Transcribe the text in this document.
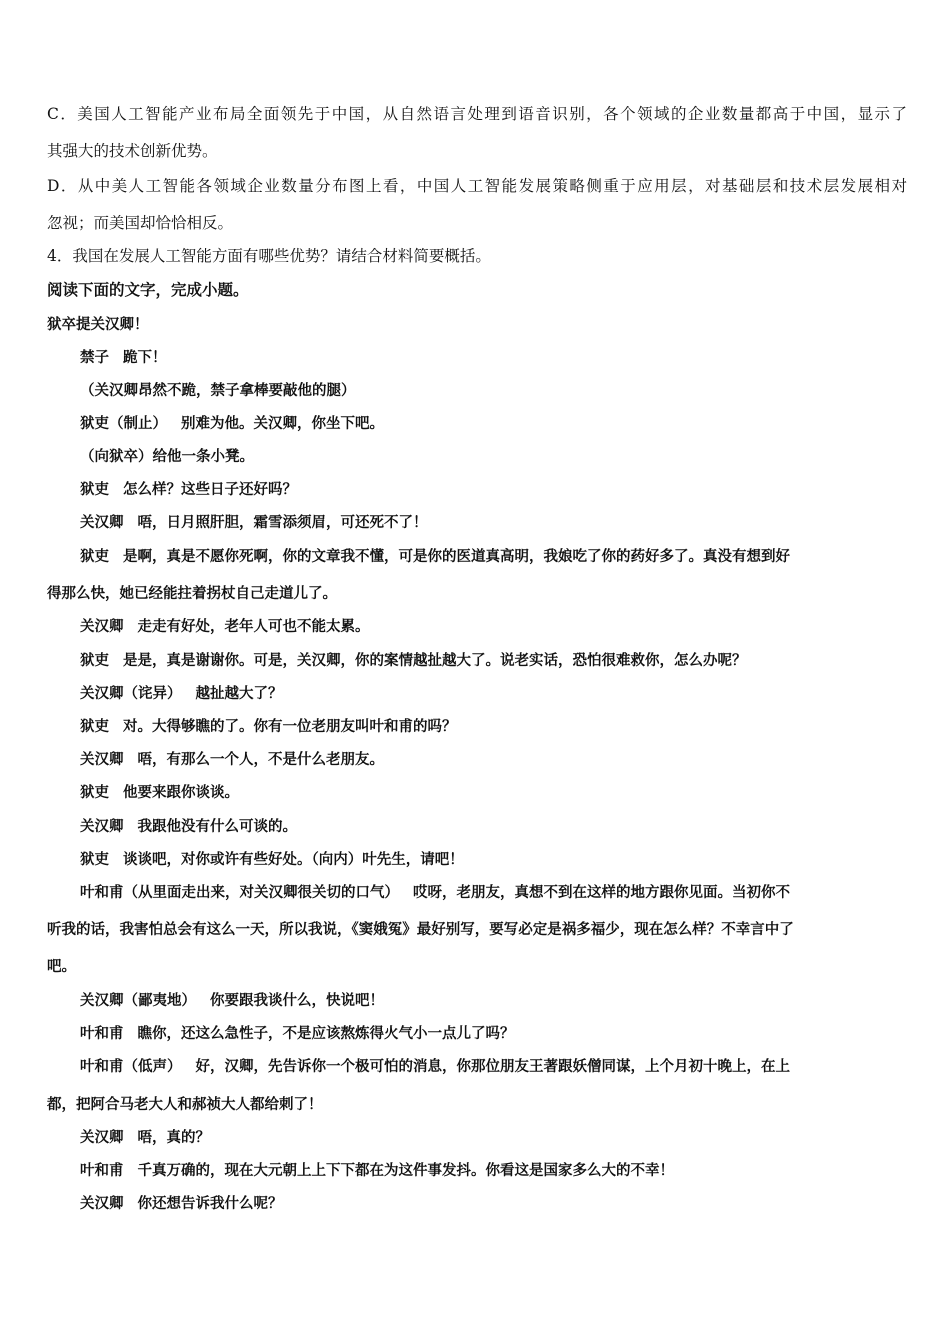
C．美国人工智能产业布局全面领先于中国，从自然语言处理到语音识别，各个领域的企业数量都高于中国，显示了

其强大的技术创新优势。

D．从中美人工智能各领域企业数量分布图上看，中国人工智能发展策略侧重于应用层，对基础层和技术层发展相对

忽视；而美国却恰恰相反。

4．我国在发展人工智能方面有哪些优势？请结合材料简要概括。

阅读下面的文字，完成小题。

狱卒提关汉卿！

禁子 跪下！

（关汉卿昂然不跪，禁子拿棒要敲他的腿）

狱吏（制止） 别难为他。关汉卿，你坐下吧。

（向狱卒）给他一条小凳。

狱吏 怎么样？这些日子还好吗？

关汉卿 唔，日月照肝胆，霜雪添须眉，可还死不了！

狱吏 是啊，真是不愿你死啊，你的文章我不懂，可是你的医道真高明，我娘吃了你的药好多了。真没有想到好

得那么快，她已经能拄着拐杖自己走道儿了。

关汉卿 走走有好处，老年人可也不能太累。

狱吏 是是，真是谢谢你。可是，关汉卿，你的案情越扯越大了。说老实话，恐怕很难救你，怎么办呢？

关汉卿（诧异） 越扯越大了？

狱吏 对。大得够瞧的了。你有一位老朋友叫叶和甫的吗？

关汉卿 唔，有那么一个人，不是什么老朋友。

狱吏 他要来跟你谈谈。

关汉卿 我跟他没有什么可谈的。

狱吏 谈谈吧，对你或许有些好处。（向内）叶先生，请吧！

叶和甫（从里面走出来，对关汉卿很关切的口气） 哎呀，老朋友，真想不到在这样的地方跟你见面。当初你不

听我的话，我害怕总会有这么一天，所以我说，《窦娥冤》最好别写，要写必定是祸多福少，现在怎么样？不幸言中了

吧。

关汉卿（鄙夷地） 你要跟我谈什么，快说吧！

叶和甫 瞧你，还这么急性子，不是应该熬炼得火气小一点儿了吗？

叶和甫（低声） 好，汉卿，先告诉你一个极可怕的消息，你那位朋友王著跟妖僧同谋，上个月初十晚上，在上

都，把阿合马老大人和郝祯大人都给刺了！

关汉卿 唔，真的？

叶和甫 千真万确的，现在大元朝上上下下都在为这件事发抖。你看这是国家多么大的不幸！

关汉卿 你还想告诉我什么呢？
